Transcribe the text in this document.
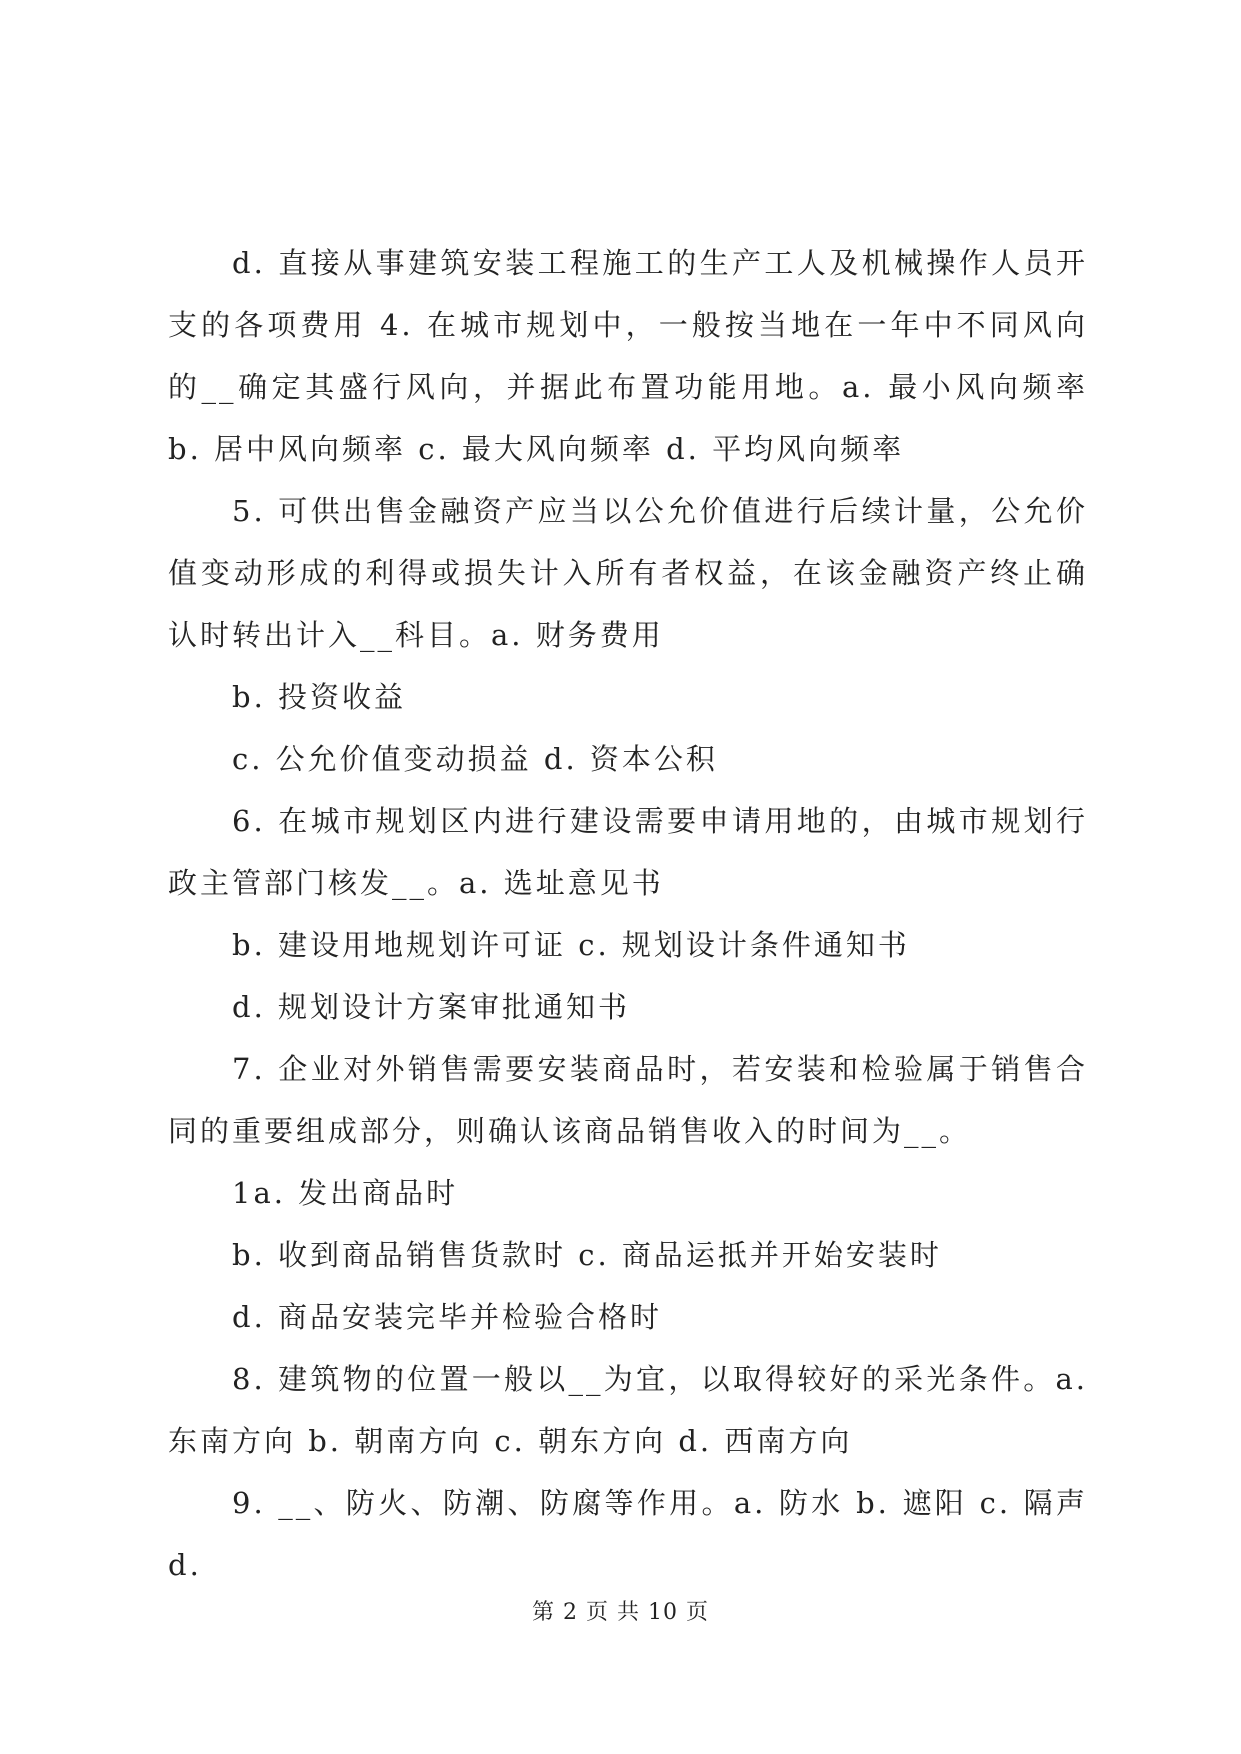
d. 直接从事建筑安装工程施工的生产工人及机械操作人员开支的各项费用 4. 在城市规划中，一般按当地在一年中不同风向的__确定其盛行风向，并据此布置功能用地。a. 最小风向频率 b. 居中风向频率 c. 最大风向频率 d. 平均风向频率

5. 可供出售金融资产应当以公允价值进行后续计量，公允价值变动形成的利得或损失计入所有者权益，在该金融资产终止确认时转出计入__科目。a. 财务费用

b. 投资收益

c. 公允价值变动损益 d. 资本公积

6. 在城市规划区内进行建设需要申请用地的，由城市规划行政主管部门核发__。a. 选址意见书

b. 建设用地规划许可证 c. 规划设计条件通知书

d. 规划设计方案审批通知书

7. 企业对外销售需要安装商品时，若安装和检验属于销售合同的重要组成部分，则确认该商品销售收入的时间为__。

1a. 发出商品时

b. 收到商品销售货款时 c. 商品运抵并开始安装时

d. 商品安装完毕并检验合格时

8. 建筑物的位置一般以__为宜，以取得较好的采光条件。a. 东南方向 b. 朝南方向 c. 朝东方向 d. 西南方向

9. __、防火、防潮、防腐等作用。a. 防水 b. 遮阳 c. 隔声 d.

第 2 页 共 10 页
